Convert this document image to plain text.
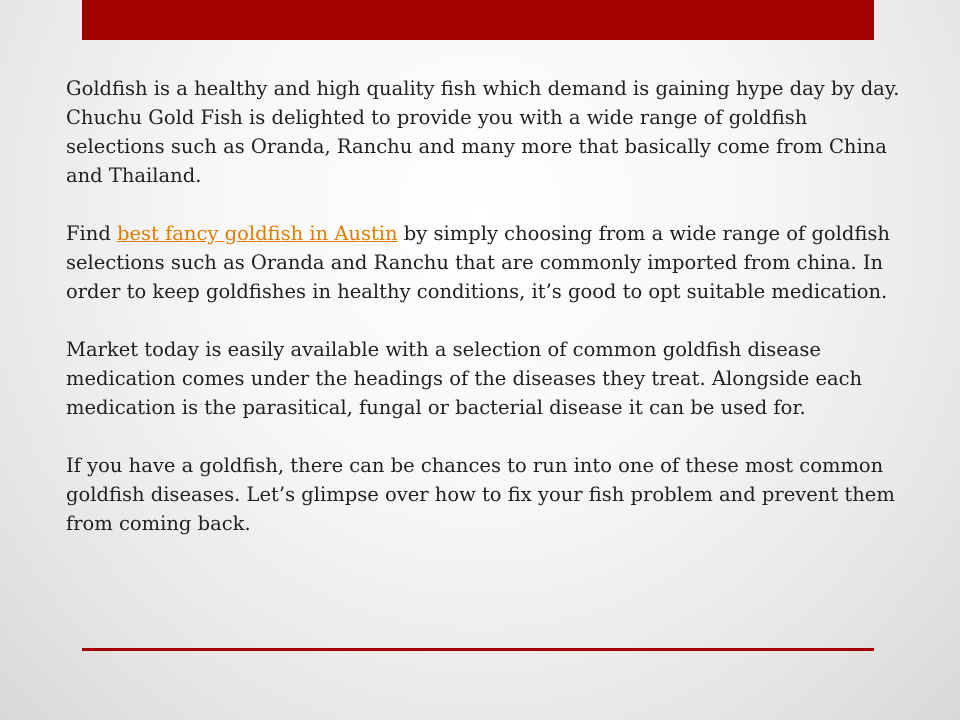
Goldfish is a healthy and high quality fish which demand is gaining hype day by day. Chuchu Gold Fish is delighted to provide you with a wide range of goldfish selections such as Oranda, Ranchu and many more that basically come from China and Thailand.

Find best fancy goldfish in Austin by simply choosing from a wide range of goldfish selections such as Oranda and Ranchu that are commonly imported from china. In order to keep goldfishes in healthy conditions, it’s good to opt suitable medication.

Market today is easily available with a selection of common goldfish disease medication comes under the headings of the diseases they treat. Alongside each medication is the parasitical, fungal or bacterial disease it can be used for.

If you have a goldfish, there can be chances to run into one of these most common goldfish diseases. Let’s glimpse over how to fix your fish problem and prevent them from coming back.
